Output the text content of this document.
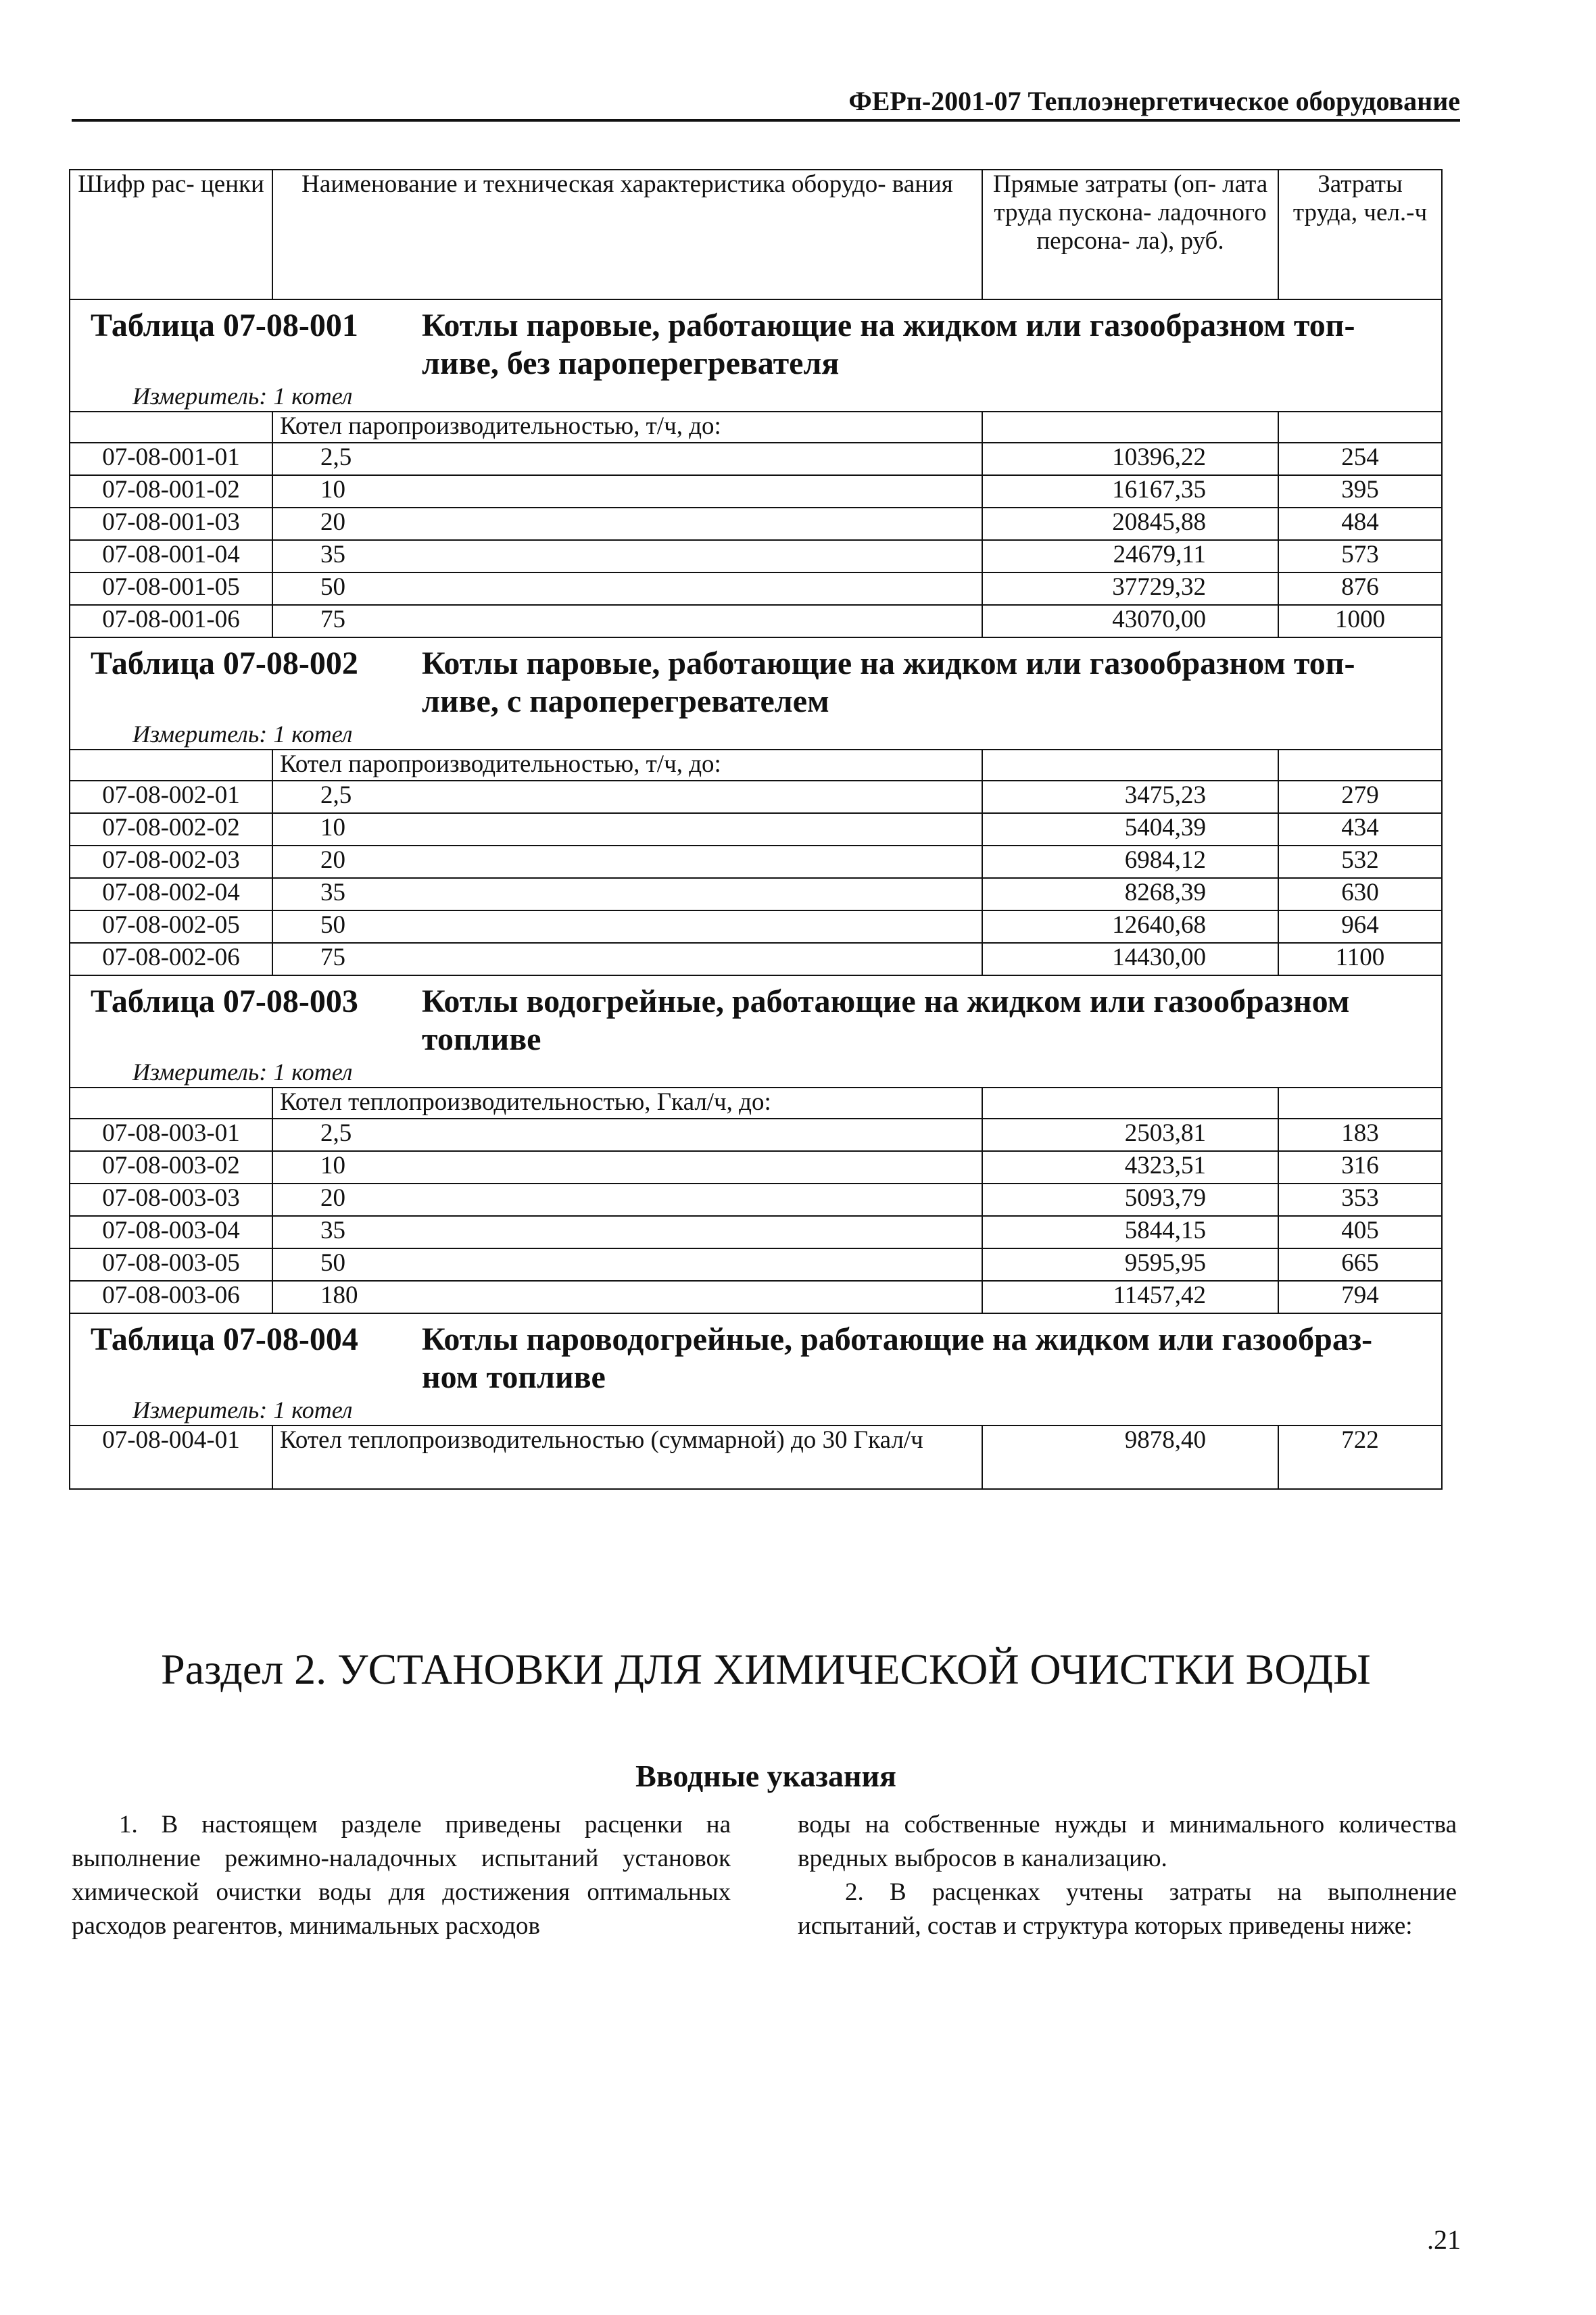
ФЕРп-2001-07 Теплоэнергетическое оборудование
Шифр рас- ценки	Наименование и техническая характеристика оборудо- вания	Прямые затраты (оп- лата труда пускона- ладочного персона- ла), руб.	Затраты труда, чел.-ч

Таблица 07-08-001 Котлы паровые, работающие на жидком или газообразном топ- ливе, без пароперегревателя
Измеритель: 1 котел			

	Котел паропроизводительностью, т/ч, до:		
07-08-001-01	2,5	10396,22	254
07-08-001-02	10	16167,35	395
07-08-001-03	20	20845,88	484
07-08-001-04	35	24679,11	573
07-08-001-05	50	37729,32	876
07-08-001-06	75	43070,00	1000

Таблица 07-08-002 Котлы паровые, работающие на жидком или газообразном топ- ливе, с пароперегревателем
Измеритель: 1 котел			

	Котел паропроизводительностью, т/ч, до:		
07-08-002-01	2,5	3475,23	279
07-08-002-02	10	5404,39	434
07-08-002-03	20	6984,12	532
07-08-002-04	35	8268,39	630
07-08-002-05	50	12640,68	964
07-08-002-06	75	14430,00	1100

Таблица 07-08-003 Котлы водогрейные, работающие на жидком или газообразном топливе
Измеритель: 1 котел			

	Котел теплопроизводительностью, Гкал/ч, до:		
07-08-003-01	2,5	2503,81	183
07-08-003-02	10	4323,51	316
07-08-003-03	20	5093,79	353
07-08-003-04	35	5844,15	405
07-08-003-05	50	9595,95	665
07-08-003-06	180	11457,42	794

Таблица 07-08-004 Котлы пароводогрейные, работающие на жидком или газообраз- ном топливе
Измеритель: 1 котел			

07-08-004-01	Котел теплопроизводительностью (суммарной) до 30 Гкал/ч	9878,40	722
Раздел 2. УСТАНОВКИ ДЛЯ ХИМИЧЕСКОЙ ОЧИСТКИ ВОДЫ
Вводные указания

1. В настоящем разделе приведены расценки на выполнение режимно-наладочных испытаний установок химической очистки воды для достижения оптимальных расходов реагентов, минимальных расходов

воды на собственные нужды и минимального количества вредных выбросов в канализацию.

2. В расценках учтены затраты на выполнение испытаний, состав и структура которых приведены ниже:

.21
